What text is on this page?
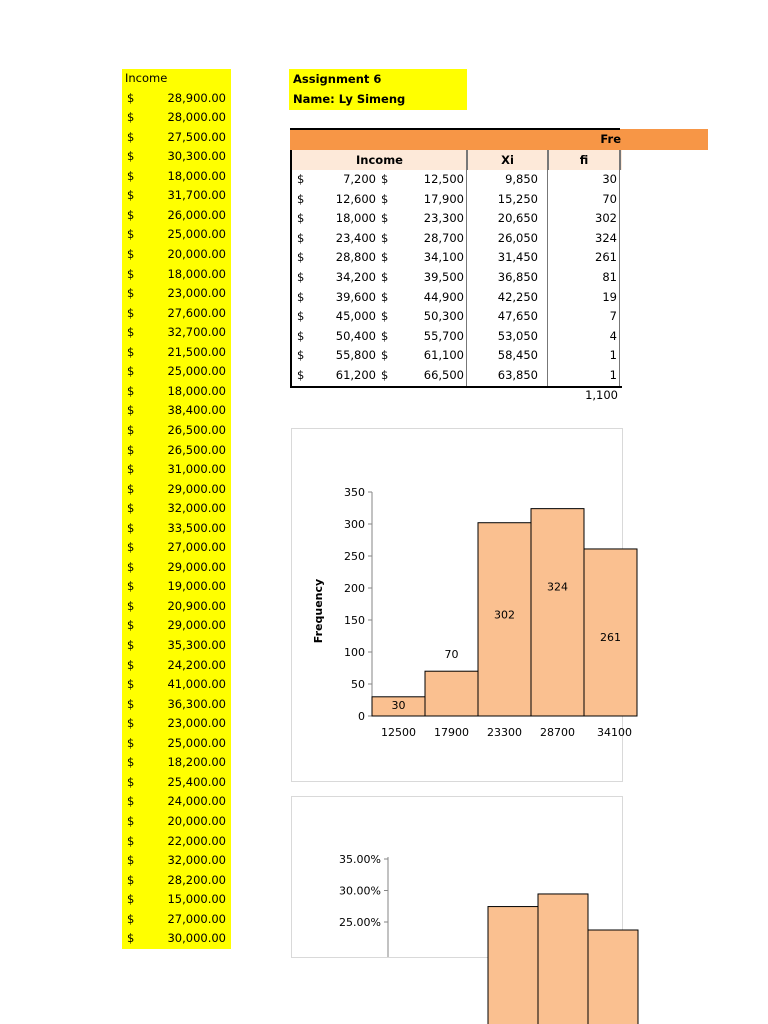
Income
$	28,900.00
$	28,000.00
$	27,500.00
$	30,300.00
$	18,000.00
$	31,700.00
$	26,000.00
$	25,000.00
$	20,000.00
$	18,000.00
$	23,000.00
$	27,600.00
$	32,700.00
$	21,500.00
$	25,000.00
$	18,000.00
$	38,400.00
$	26,500.00
$	26,500.00
$	31,000.00
$	29,000.00
$	32,000.00
$	33,500.00
$	27,000.00
$	29,000.00
$	19,000.00
$	20,900.00
$	29,000.00
$	35,300.00
$	24,200.00
$	41,000.00
$	36,300.00
$	23,000.00
$	25,000.00
$	18,200.00
$	25,400.00
$	24,000.00
$	20,000.00
$	22,000.00
$	32,000.00
$	28,200.00
$	15,000.00
$	27,000.00
$	30,000.00
Assignment 6
Name: Ly Simeng
Fre
Income	Xi	fi
$	7,200 $	12,500	9,850	30
$	12,600 $	17,900	15,250	70
$	18,000 $	23,300	20,650	302
$	23,400 $	28,700	26,050	324
$	28,800 $	34,100	31,450	261
$	34,200 $	39,500	36,850	81
$	39,600 $	44,900	42,250	19
$	45,000 $	50,300	47,650	7
$	50,400 $	55,700	53,050	4
$	55,800 $	61,100	58,450	1
$	61,200 $	66,500	63,850	1
1,100
0
50
100
150
200
250
300
350
Frequency
30
12500
70
17900
302
23300
324
28700
261
34100
25.00%
30.00%
35.00%
